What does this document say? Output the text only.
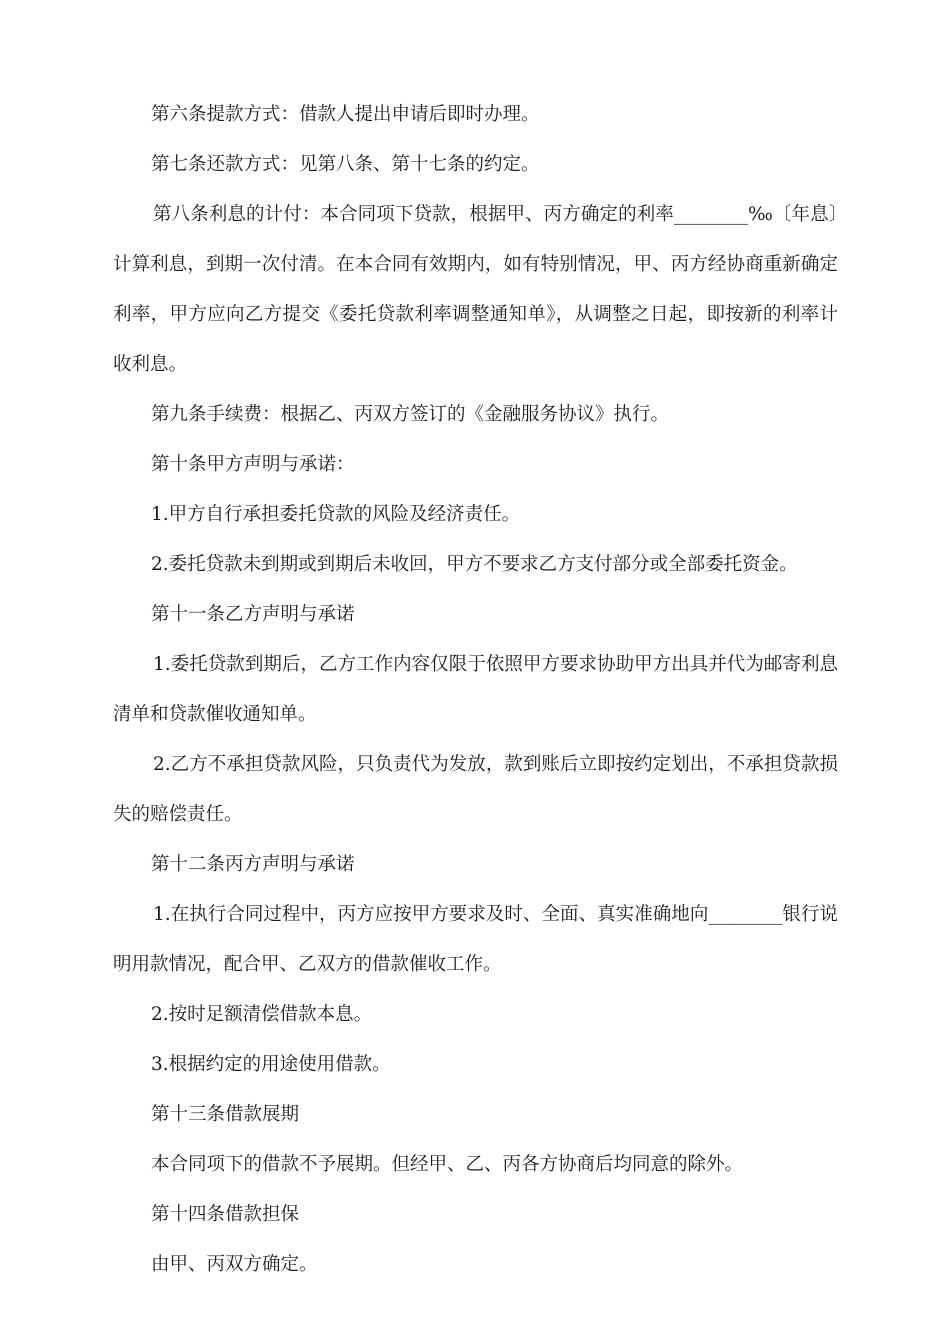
第六条提款方式：借款人提出申请后即时办理。

第七条还款方式：见第八条、第十七条的约定。

第八条利息的计付：本合同项下贷款，根据甲、丙方确定的利率________‰〔年息〕计算利息，到期一次付清。在本合同有效期内，如有特别情况，甲、丙方经协商重新确定利率，甲方应向乙方提交《委托贷款利率调整通知单》，从调整之日起，即按新的利率计收利息。

第九条手续费：根据乙、丙双方签订的《金融服务协议》执行。

第十条甲方声明与承诺：

1.甲方自行承担委托贷款的风险及经济责任。

2.委托贷款未到期或到期后未收回，甲方不要求乙方支付部分或全部委托资金。

第十一条乙方声明与承诺

1.委托贷款到期后，乙方工作内容仅限于依照甲方要求协助甲方出具并代为邮寄利息清单和贷款催收通知单。

2.乙方不承担贷款风险，只负责代为发放，款到账后立即按约定划出，不承担贷款损失的赔偿责任。

第十二条丙方声明与承诺

1.在执行合同过程中，丙方应按甲方要求及时、全面、真实准确地向________银行说明用款情况，配合甲、乙双方的借款催收工作。

2.按时足额清偿借款本息。

3.根据约定的用途使用借款。

第十三条借款展期

本合同项下的借款不予展期。但经甲、乙、丙各方协商后均同意的除外。

第十四条借款担保

由甲、丙双方确定。
